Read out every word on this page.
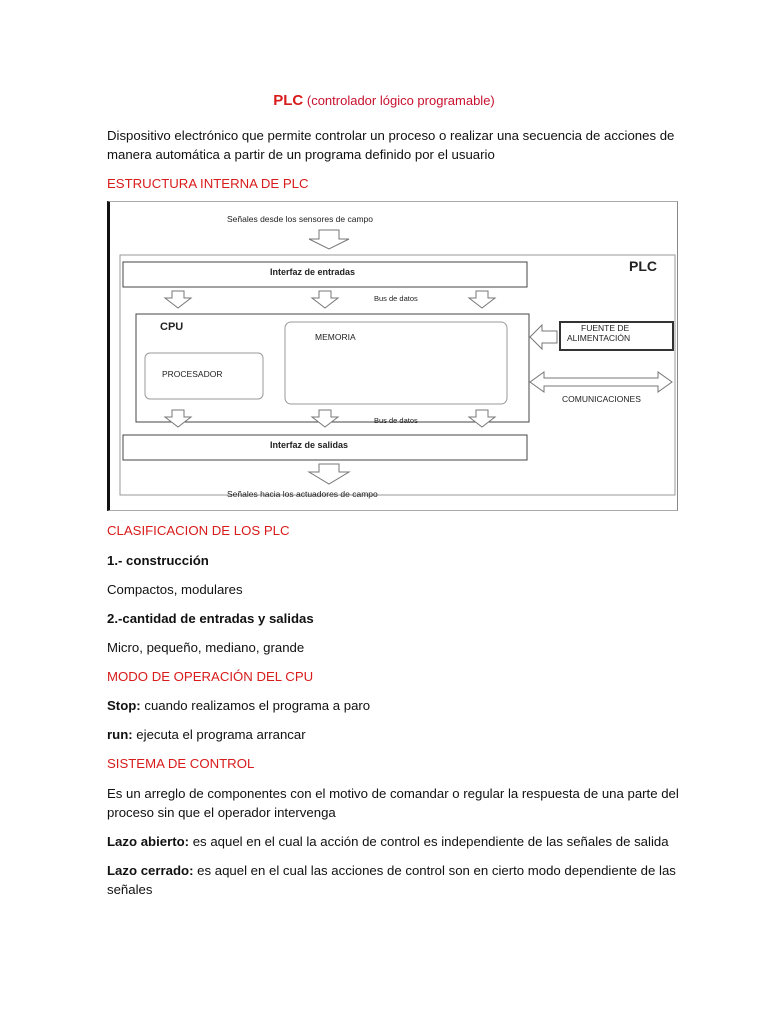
PLC (controlador lógico programable)
Dispositivo electrónico que permite controlar un proceso o realizar una secuencia de acciones de
manera automática a partir de un programa definido por el usuario
ESTRUCTURA INTERNA DE PLC
Señales desde los sensores de campo
PLC
Interfaz de entradas
Bus de datos
CPU
MEMORIA
PROCESADOR
FUENTE DE
ALIMENTACIÓN
COMUNICACIONES
Bus de datos
Interfaz de salidas
Señales hacia los actuadores de campo
CLASIFICACION DE LOS PLC
1.- construcción
Compactos, modulares
2.-cantidad de entradas y salidas
Micro, pequeño, mediano, grande
MODO DE OPERACIÓN DEL CPU
Stop: cuando realizamos el programa a paro
run: ejecuta el programa arrancar
SISTEMA DE CONTROL
Es un arreglo de componentes con el motivo de comandar o regular la respuesta de una parte del
proceso sin que el operador intervenga
Lazo abierto: es aquel en el cual la acción de control es independiente de las señales de salida
Lazo cerrado: es aquel en el cual las acciones de control son en cierto modo dependiente de las
señales
